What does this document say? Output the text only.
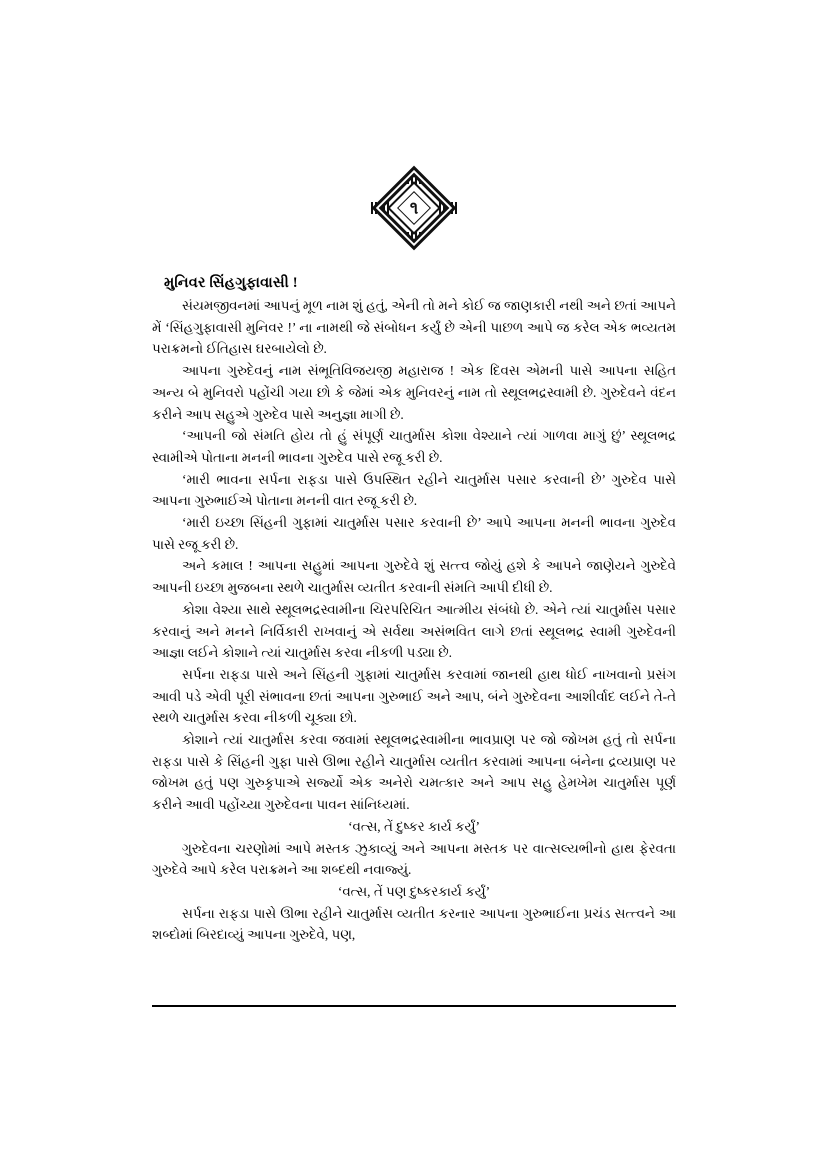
૧
મુનિવર સિંહગુફાવાસી !

સંયમજીવનમાં આપનું મૂળ નામ શું હતું, એની તો મને કોઈ જ જાણકારી નથી અને છતાં આપને મેં ‘સિંહગુફાવાસી મુનિવર !’ ના નામથી જે સંબોધન કર્યું છે એની પાછળ આપે જ કરેલ એક ભવ્યતમ પરાક્રમનો ઈતિહાસ ઘરબાયેલો છે.

આપના ગુરુદેવનું નામ સંભૂતિવિજયજી મહારાજ ! એક દિવસ એમની પાસે આપના સહિત અન્ય બે મુનિવરો પહોંચી ગયા છો કે જેમાં એક મુનિવરનું નામ તો સ્થૂલભદ્રસ્વામી છે. ગુરુદેવને વંદન કરીને આપ સહુએ ગુરુદેવ પાસે અનુજ્ઞા માગી છે.

‘આપની જો સંમતિ હોય તો હું સંપૂર્ણ ચાતુર્માસ કોશા વેશ્યાને ત્યાં ગાળવા માગું છું’ સ્થૂલભદ્ર સ્વામીએ પોતાના મનની ભાવના ગુરુદેવ પાસે રજૂ કરી છે.

‘મારી ભાવના સર્પના રાફડા પાસે ઉપસ્થિત રહીને ચાતુર્માસ પસાર કરવાની છે’ ગુરુદેવ પાસે આપના ગુરુભાઈએ પોતાના મનની વાત રજૂ કરી છે.

‘મારી ઇચ્છા સિંહની ગુફામાં ચાતુર્માસ પસાર કરવાની છે’ આપે આપના મનની ભાવના ગુરુદેવ પાસે રજૂ કરી છે.

અને કમાલ ! આપના સહુમાં આપના ગુરુદેવે શું સત્ત્વ જોયું હશે કે આપને જાણેયને ગુરુદેવે આપની ઇચ્છા મુજબના સ્થળે ચાતુર્માસ વ્યતીત કરવાની સંમતિ આપી દીધી છે.

કોશા વેશ્યા સાથે સ્થૂલભદ્રસ્વામીના ચિરપરિચિત આત્મીય સંબંધો છે. એને ત્યાં ચાતુર્માસ પસાર કરવાનું અને મનને નિર્વિકારી રાખવાનું એ સર્વથા અસંભવિત લાગે છતાં સ્થૂલભદ્ર સ્વામી ગુરુદેવની આજ્ઞા લઈને કોશાને ત્યાં ચાતુર્માસ કરવા નીકળી પડ્યા છે.

સર્પના રાફડા પાસે અને સિંહની ગુફામાં ચાતુર્માસ કરવામાં જાનથી હાથ ધોઈ નાખવાનો પ્રસંગ આવી પડે એવી પૂરી સંભાવના છતાં આપના ગુરુભાઈ અને આપ, બંને ગુરુદેવના આશીર્વાદ લઈને તે-તે સ્થળે ચાતુર્માસ કરવા નીકળી ચૂક્યા છો.

કોશાને ત્યાં ચાતુર્માસ કરવા જવામાં સ્થૂલભદ્રસ્વામીના ભાવપ્રાણ પર જો જોખમ હતું તો સર્પના રાફડા પાસે કે સિંહની ગુફા પાસે ઊભા રહીને ચાતુર્માસ વ્યતીત કરવામાં આપના બંનેના દ્રવ્યપ્રાણ પર જોખમ હતું પણ ગુરુકૃપાએ સર્જ્યો એક અનેરો ચમત્કાર અને આપ સહુ હેમખેમ ચાતુર્માસ પૂર્ણ કરીને આવી પહોંચ્યા ગુરુદેવના પાવન સાંનિધ્યમાં.

‘વત્સ, તેં દુષ્કર કાર્ય કર્યું’

ગુરુદેવના ચરણોમાં આપે મસ્તક ઝુકાવ્યું અને આપના મસ્તક પર વાત્સલ્યભીનો હાથ ફેરવતા ગુરુદેવે આપે કરેલ પરાક્રમને આ શબ્દથી નવાજ્યું.

‘વત્સ, તેં પણ દુષ્કરકાર્ય કર્યું’

સર્પના રાફડા પાસે ઊભા રહીને ચાતુર્માસ વ્યતીત કરનાર આપના ગુરુભાઈના પ્રચંડ સત્ત્વને આ શબ્દોમાં બિરદાવ્યું આપના ગુરુદેવે, પણ,
